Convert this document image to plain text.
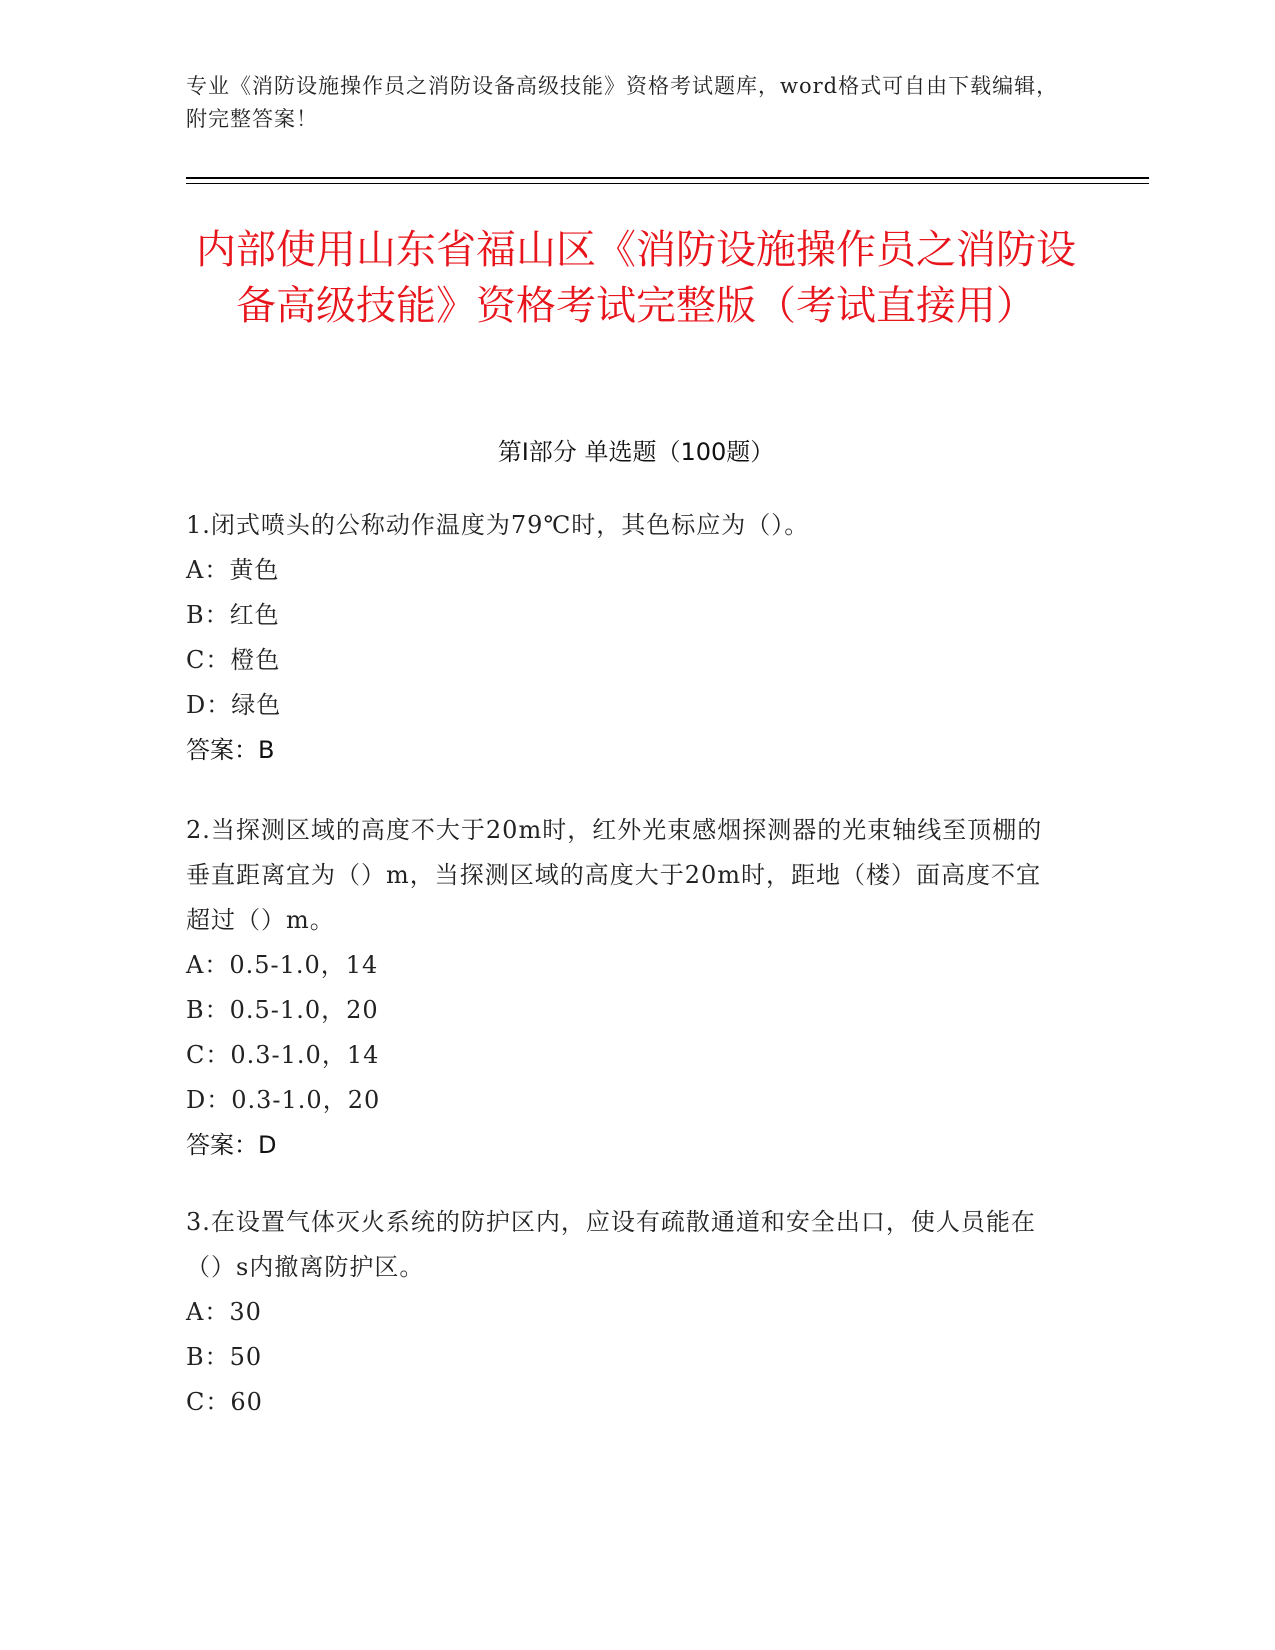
专业《消防设施操作员之消防设备高级技能》资格考试题库，word格式可自由下载编辑，附完整答案！
内部使用山东省福山区《消防设施操作员之消防设备高级技能》资格考试完整版（考试直接用）
第Ⅰ部分 单选题（100题）
1.闭式喷头的公称动作温度为79℃时，其色标应为（）。
A：黄色
B：红色
C：橙色
D：绿色
答案：B
2.当探测区域的高度不大于20m时，红外光束感烟探测器的光束轴线至顶棚的垂直距离宜为（）m，当探测区域的高度大于20m时，距地（楼）面高度不宜超过（）m。
A：0.5-1.0，14
B：0.5-1.0，20
C：0.3-1.0，14
D：0.3-1.0，20
答案：D
3.在设置气体灭火系统的防护区内，应设有疏散通道和安全出口，使人员能在（）s内撤离防护区。
A：30
B：50
C：60
